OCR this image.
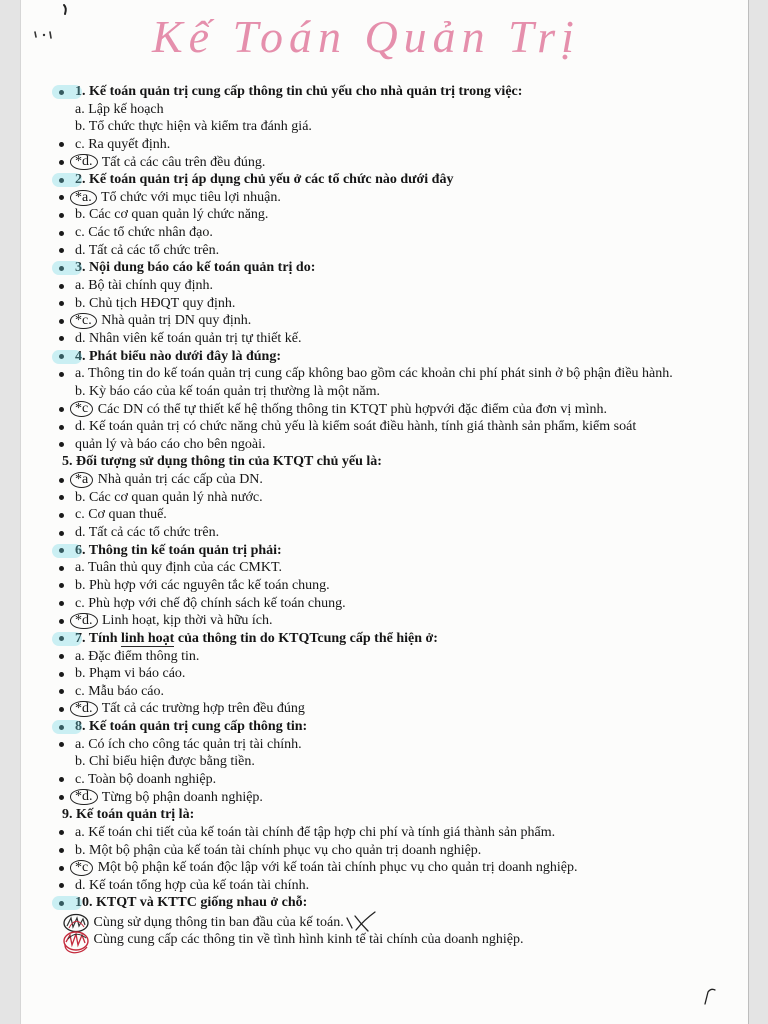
Kế Toán Quản Trị
1. Kế toán quản trị cung cấp thông tin chủ yếu cho nhà quản trị trong việc:
a. Lập kế hoạch
b. Tổ chức thực hiện và kiểm tra đánh giá.
c. Ra quyết định.
*d. Tất cả các câu trên đều đúng.
2. Kế toán quản trị áp dụng chủ yếu ở các tổ chức nào dưới đây
*a. Tổ chức với mục tiêu lợi nhuận.
b. Các cơ quan quản lý chức năng.
c. Các tổ chức nhân đạo.
d. Tất cả các tổ chức trên.
3. Nội dung báo cáo kế toán quản trị do:
a. Bộ tài chính quy định.
b. Chủ tịch HĐQT quy định.
*c. Nhà quản trị DN quy định.
d. Nhân viên kế toán quản trị tự thiết kế.
4. Phát biểu nào dưới đây là đúng:
a. Thông tin do kế toán quản trị cung cấp không bao gồm các khoản chi phí phát sinh ở bộ phận điều hành.
b. Kỳ báo cáo của kế toán quản trị thường là một năm.
*c Các DN có thể tự thiết kế hệ thống thông tin KTQT phù hợpvới đặc điểm của đơn vị mình.
d. Kế toán quản trị có chức năng chủ yếu là kiểm soát điều hành, tính giá thành sản phẩm, kiểm soát
quản lý và báo cáo cho bên ngoài.
5. Đối tượng sử dụng thông tin của KTQT chủ yếu là:
*a Nhà quản trị các cấp của DN.
b. Các cơ quan quản lý nhà nước.
c. Cơ quan thuế.
d. Tất cả các tổ chức trên.
6. Thông tin kế toán quản trị phải:
a. Tuân thủ quy định của các CMKT.
b. Phù hợp với các nguyên tắc kế toán chung.
c. Phù hợp với chế độ chính sách kế toán chung.
*d. Linh hoạt, kịp thời và hữu ích.
7. Tính linh hoạt của thông tin do KTQTcung cấp thể hiện ở:
a. Đặc điểm thông tin.
b. Phạm vi báo cáo.
c. Mẫu báo cáo.
*d. Tất cả các trường hợp trên đều đúng
8. Kế toán quản trị cung cấp thông tin:
a. Có ích cho công tác quản trị tài chính.
b. Chỉ biểu hiện được bằng tiền.
c. Toàn bộ doanh nghiệp.
*d. Từng bộ phận doanh nghiệp.
9. Kế toán quản trị là:
a. Kế toán chi tiết của kế toán tài chính để tập hợp chi phí và tính giá thành sản phẩm.
b. Một bộ phận của kế toán tài chính phục vụ cho quản trị doanh nghiệp.
*c Một bộ phận kế toán độc lập với kế toán tài chính phục vụ cho quản trị doanh nghiệp.
d. Kế toán tổng hợp của kế toán tài chính.
10. KTQT và KTTC giống nhau ở chỗ:
Cùng sử dụng thông tin ban đầu của kế toán.
Cùng cung cấp các thông tin về tình hình kinh tế tài chính của doanh nghiệp.
